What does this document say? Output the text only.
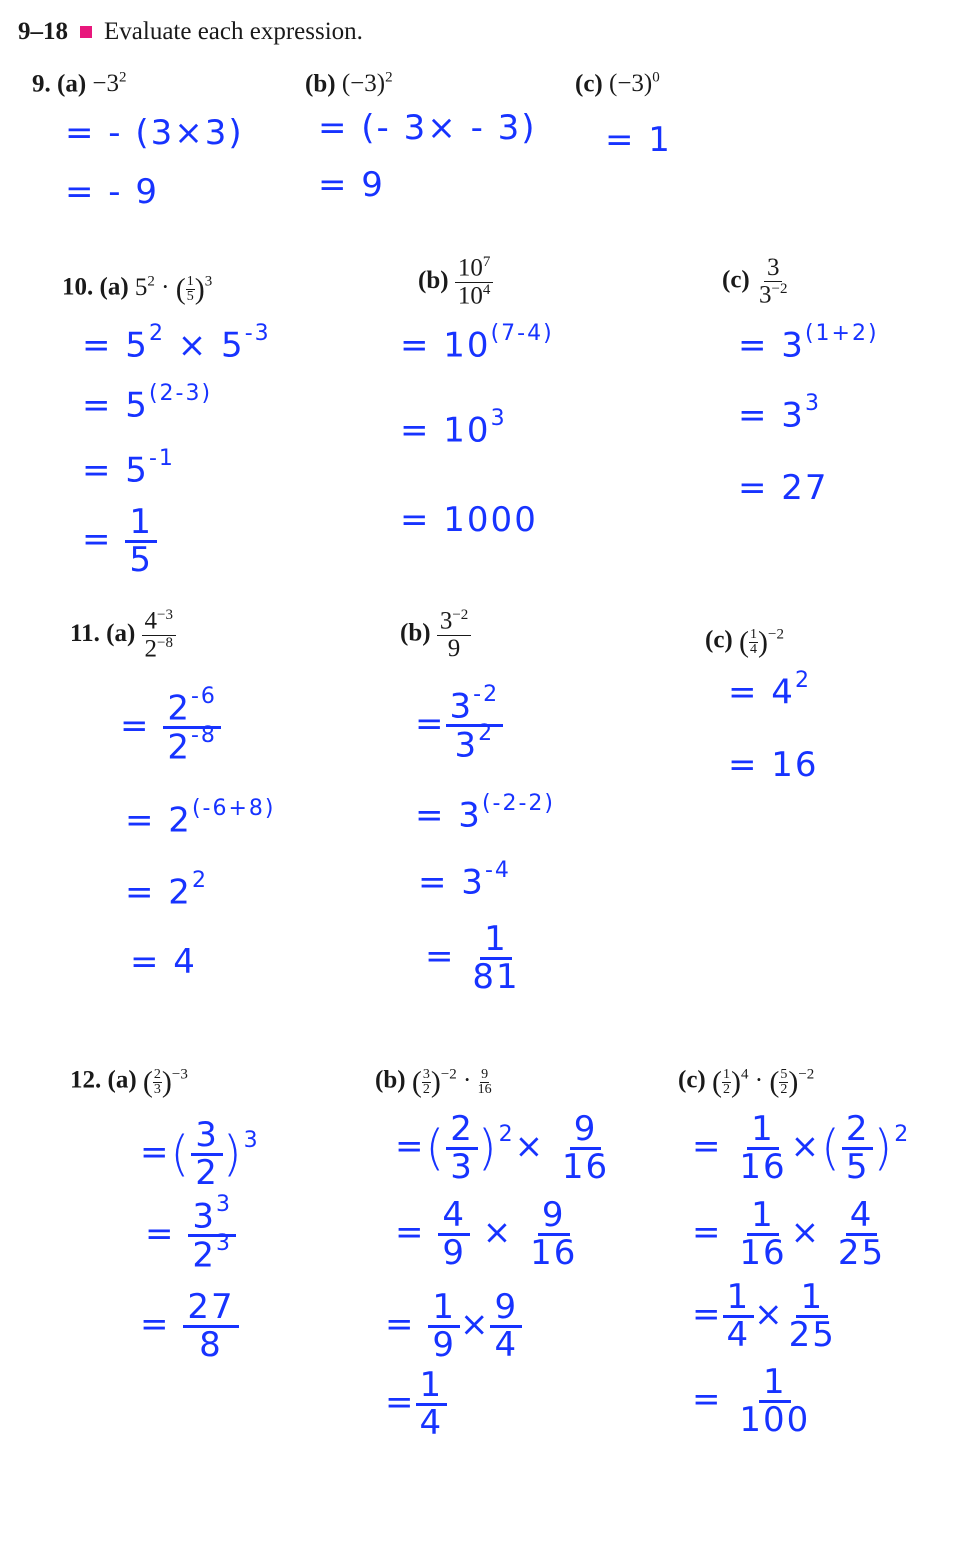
9–18 Evaluate each expression.
9. $(a) -3^2$	(b) $(-3)^2$	(c) $(-3)^0$
= - (3×3)
= - 9
= (- 3× - 3)
= 9
= 1
10. (a) $5^2$ · ( $\frac{1}{5} )^3$	$(b) \frac{10^7}{10^4}$	$(c) \frac{3}{3^{-2}}$
= $5^2 \times 5^{-3}$
= $5^{(2-3)}$
= $5^{-1}$
= $\frac{1}{5}$
= $10^{(7-4)}$
= $10^3$
= 1000
= $3^{(1+2)}$
= $3^3$
= 27
11. $(a) \frac{4^{-3}}{2^{-8}}$	$(b) \frac{3^{-2}}{9}$	(c) ( $\frac{1}{4} )^{-2}$
= $\frac{2^{-6}}{2^{-8}}$
= $2^{(-6+8)}$
= $2^2$
= 4
= $\frac{3^{-2}}{3^2}$
= $3^{(-2-2)}$
= $3^{-4}$
= $\frac{1}{81}$
= $4^2$
= 16
12. (a) ( $\frac{2}{3} )^{-3}$	(b) ( $\frac{3}{2} )^{-2} \cdot \frac{9}{16}$	(c) ( $\frac{1}{2} )^4$ · ( $\frac{5}{2} )^{-2}$
=( $\frac{3}{2} )^3$
= $\frac{3^3}{2^3}$
= $\frac{27}{8}$
=( $\frac{2}{3} )^2\times \frac{9}{16}$
= $\frac{4}{9} \times \frac{9}{16}$
= $\frac{1}{9} \times \frac{9}{4}$
= $\frac{1}{4}$
= $\frac{1}{16}$ ×( $\frac{2}{5} )^2$
= $\frac{1}{16} \times \frac{4}{25}$
= $\frac{1}{4} \times \frac{1}{25}$
= $\frac{1}{100}$
